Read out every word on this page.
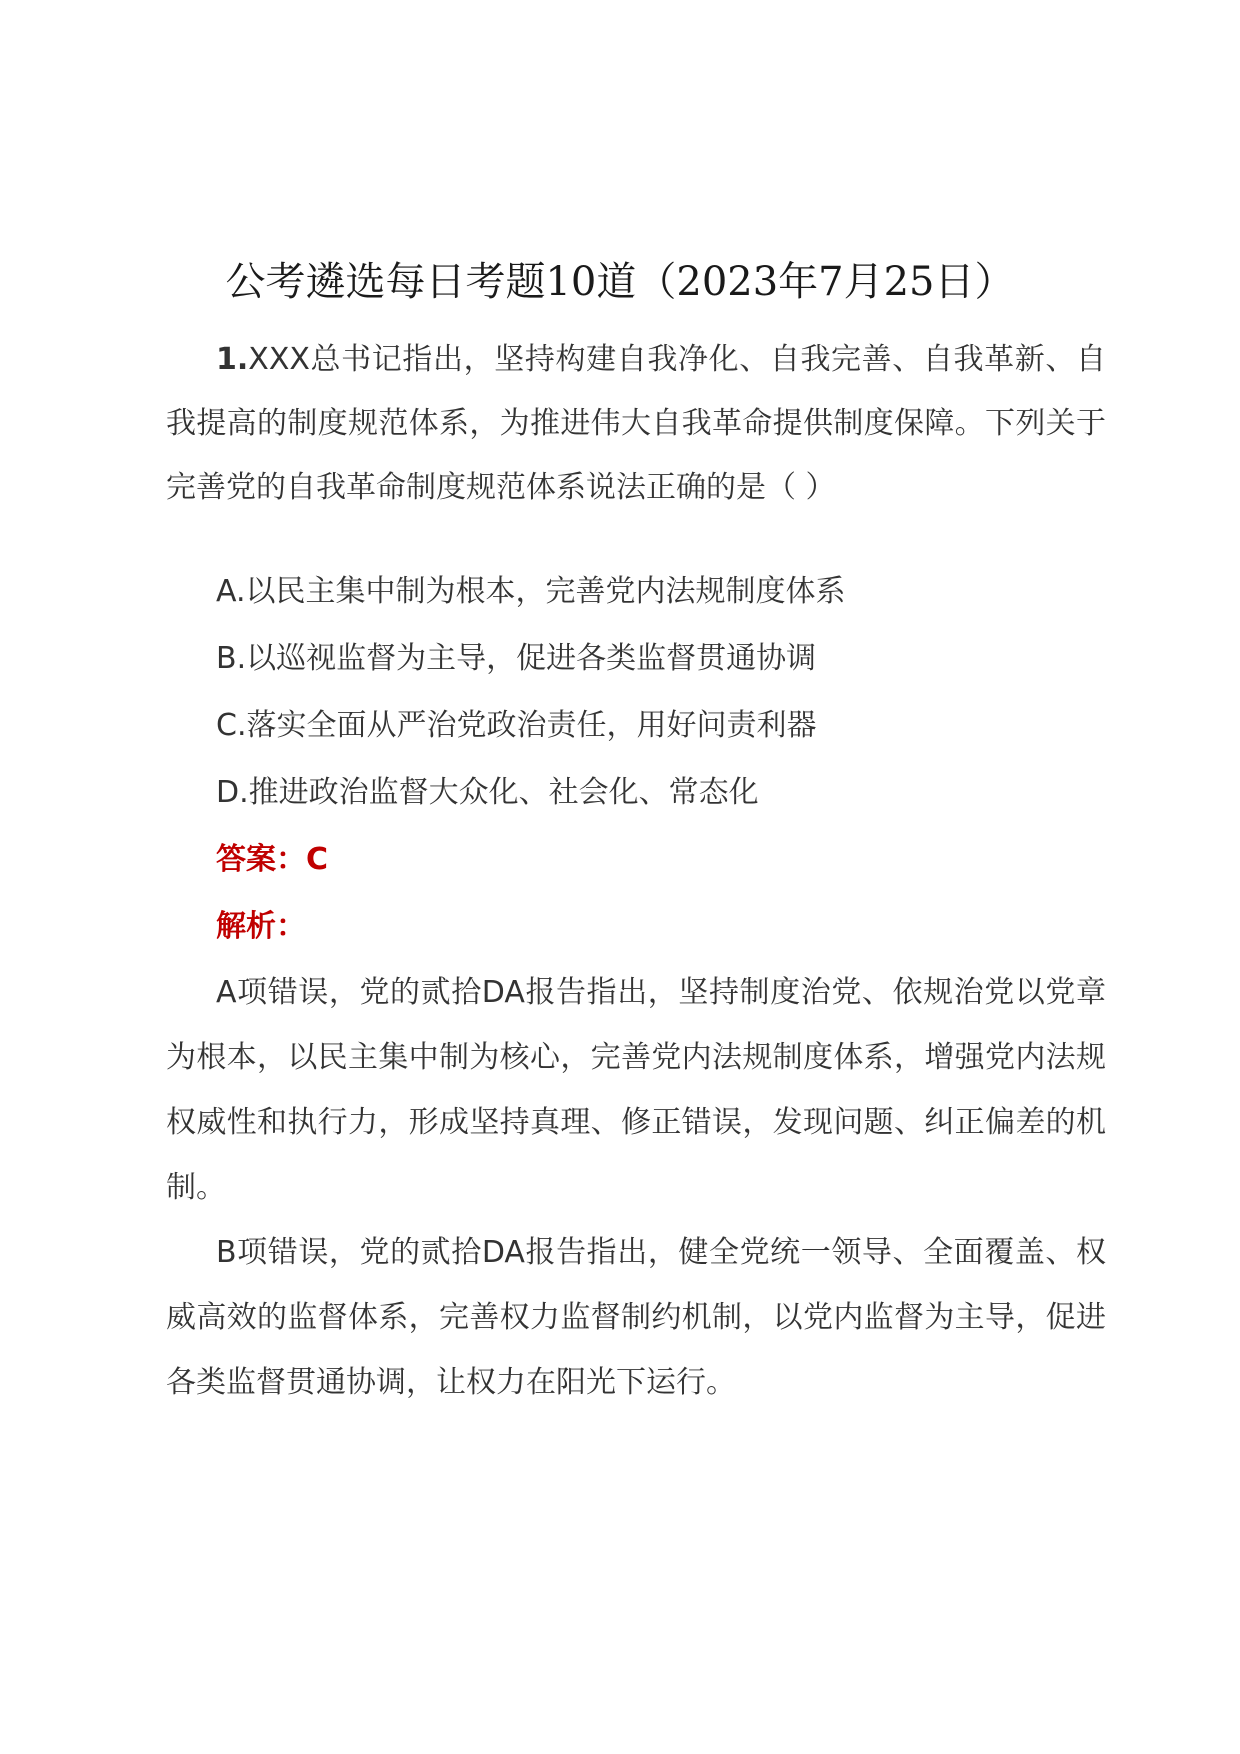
公考遴选每日考题10道（2023年7月25日）

1.XXX总书记指出，坚持构建自我净化、自我完善、自我革新、自我提高的制度规范体系，为推进伟大自我革命提供制度保障。下列关于完善党的自我革命制度规范体系说法正确的是（ ）

A.以民主集中制为根本，完善党内法规制度体系

B.以巡视监督为主导，促进各类监督贯通协调

C.落实全面从严治党政治责任，用好问责利器

D.推进政治监督大众化、社会化、常态化

答案：C

解析：

A项错误，党的贰拾DA报告指出，坚持制度治党、依规治党以党章为根本，以民主集中制为核心，完善党内法规制度体系，增强党内法规权威性和执行力，形成坚持真理、修正错误，发现问题、纠正偏差的机制。

B项错误，党的贰拾DA报告指出，健全党统一领导、全面覆盖、权威高效的监督体系，完善权力监督制约机制，以党内监督为主导，促进各类监督贯通协调，让权力在阳光下运行。
